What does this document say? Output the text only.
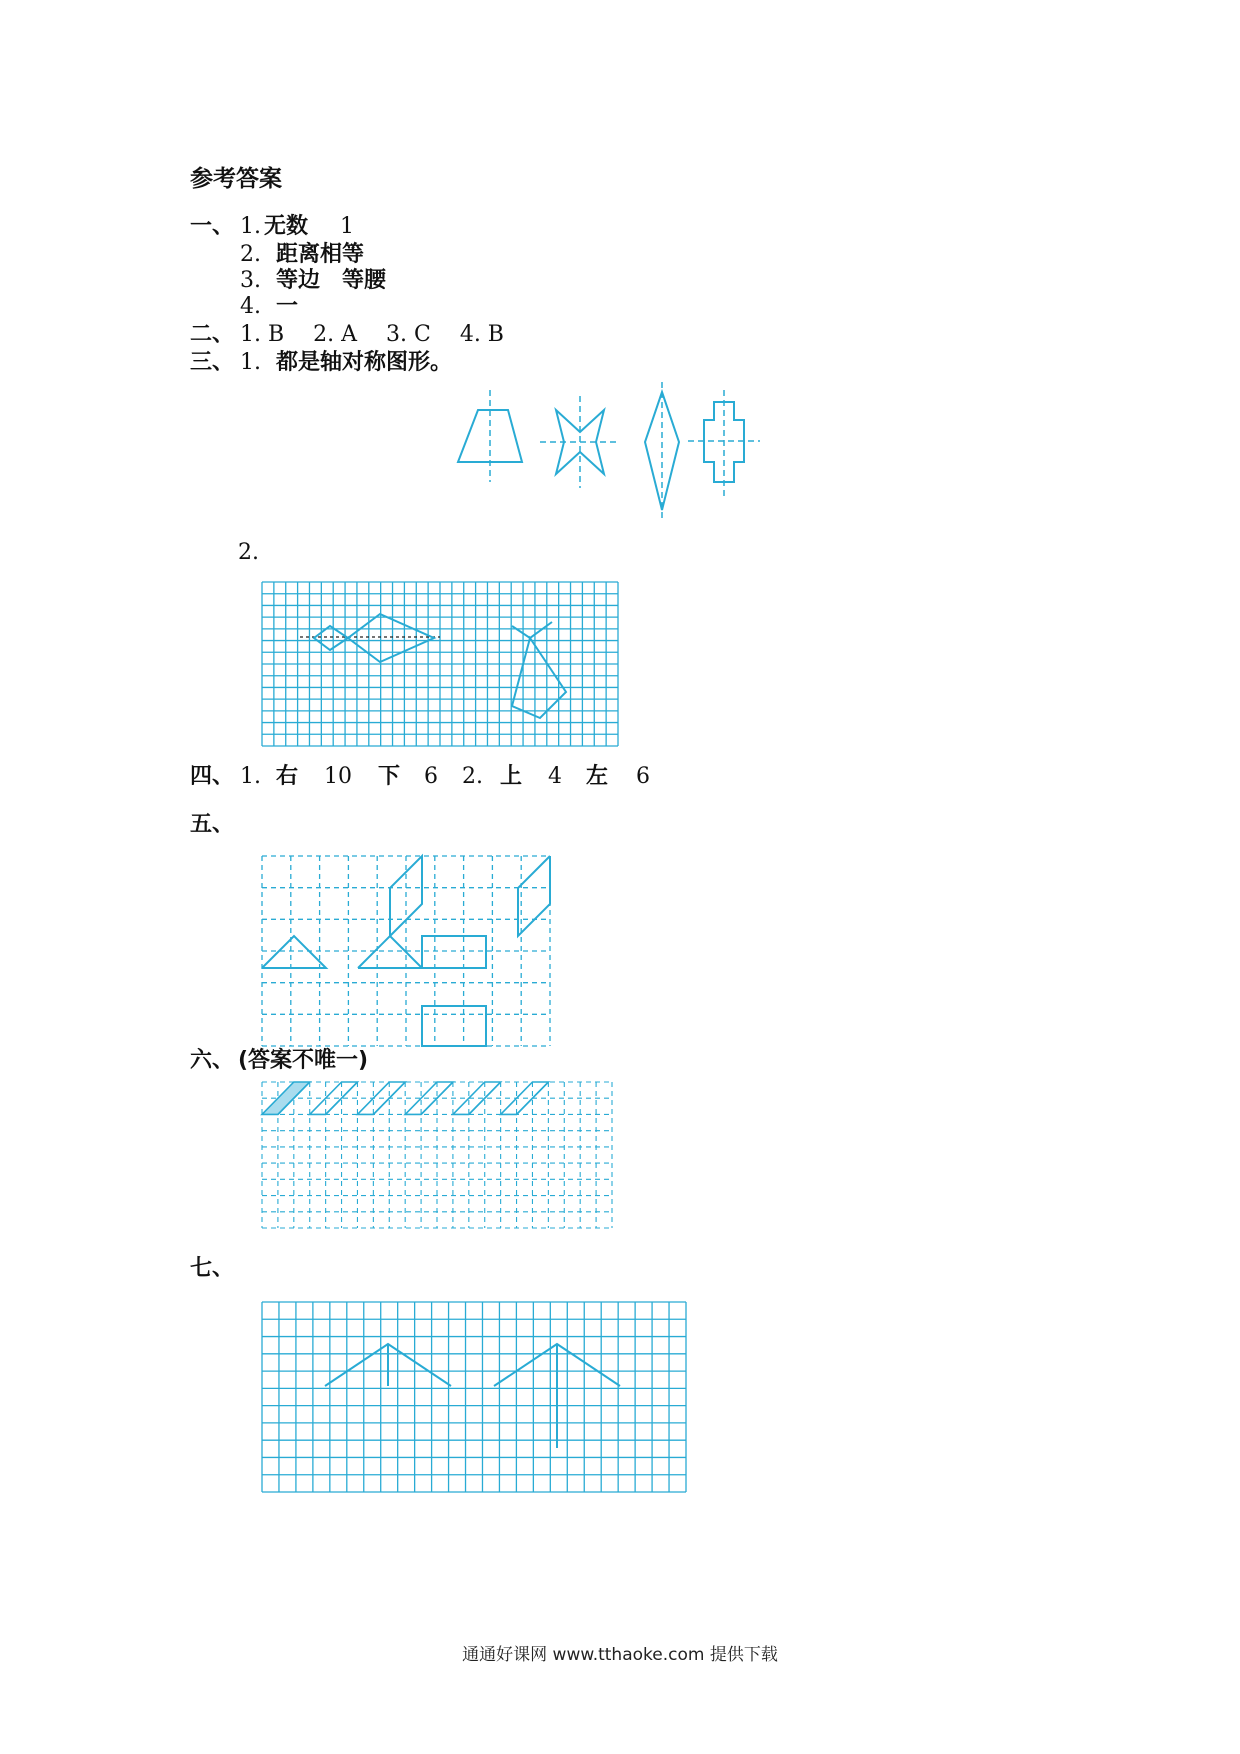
参考答案
一、 1. 无数 1
2. 距离相等
3. 等边　等腰
4. 一
二、 1. B　 2. A　 3. C　 4. B
三、 1. 都是轴对称图形。
2.
四、 1. 右 10 下 6 2. 上 4 左 6
五、
六、 (答案不唯一)
七、
通通好课网 www.tthaoke.com 提供下载
